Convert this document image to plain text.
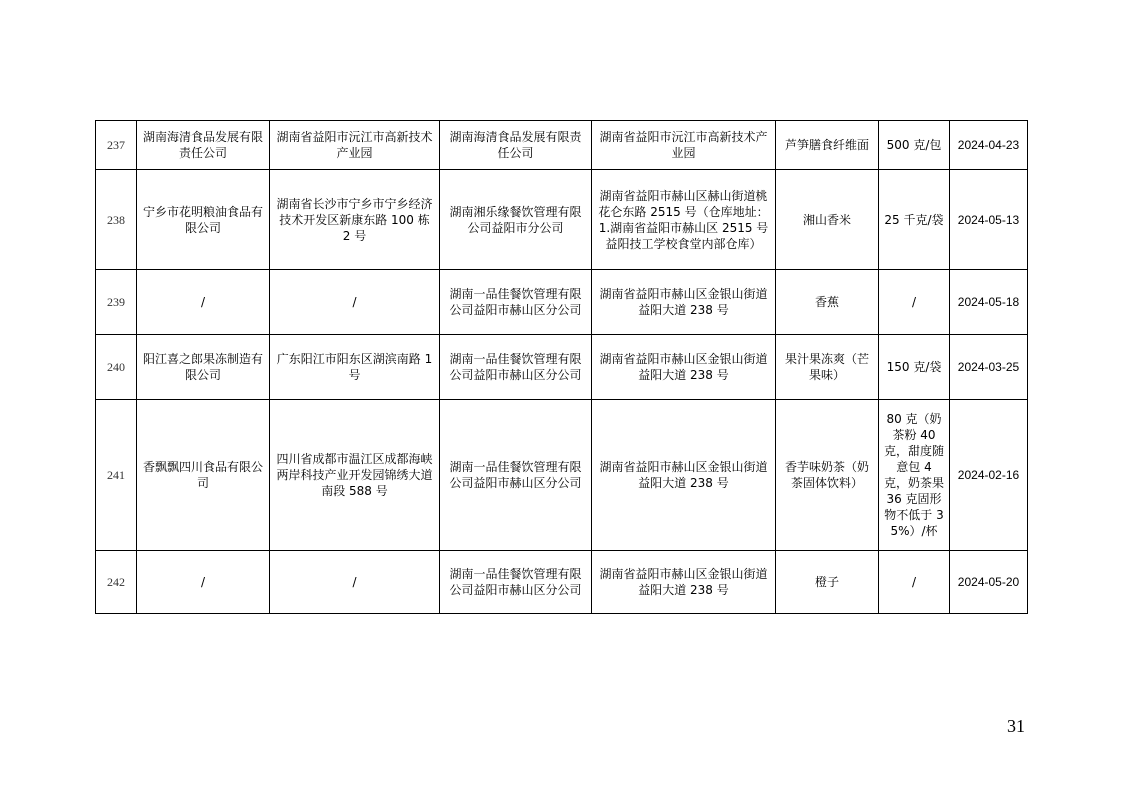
237	湖南海清食品发展有限责任公司	湖南省益阳市沅江市高新技术产业园	湖南海清食品发展有限责任公司	湖南省益阳市沅江市高新技术产业园	芦笋膳食纤维面	500 克/包	2024-04-23
238	宁乡市花明粮油食品有限公司	湖南省长沙市宁乡市宁乡经济技术开发区新康东路 100 栋 2 号	湖南湘乐缘餐饮管理有限公司益阳市分公司	湖南省益阳市赫山区赫山街道桃花仑东路 2515 号（仓库地址：1.湖南省益阳市赫山区 2515 号益阳技工学校食堂内部仓库）	湘山香米	25 千克/袋	2024-05-13
239	/	/	湖南一品佳餐饮管理有限公司益阳市赫山区分公司	湖南省益阳市赫山区金银山街道益阳大道 238 号	香蕉	/	2024-05-18
240	阳江喜之郎果冻制造有限公司	广东阳江市阳东区湖滨南路 1 号	湖南一品佳餐饮管理有限公司益阳市赫山区分公司	湖南省益阳市赫山区金银山街道益阳大道 238 号	果汁果冻爽（芒果味）	150 克/袋	2024-03-25
241	香飘飘四川食品有限公司	四川省成都市温江区成都海峡两岸科技产业开发园锦绣大道南段 588 号	湖南一品佳餐饮管理有限公司益阳市赫山区分公司	湖南省益阳市赫山区金银山街道益阳大道 238 号	香芋味奶茶（奶茶固体饮料）	80 克（奶茶粉 40 克，甜度随意包 4 克，奶茶果 36 克固形物不低于 35%）/杯	2024-02-16
242	/	/	湖南一品佳餐饮管理有限公司益阳市赫山区分公司	湖南省益阳市赫山区金银山街道益阳大道 238 号	橙子	/	2024-05-20
31
